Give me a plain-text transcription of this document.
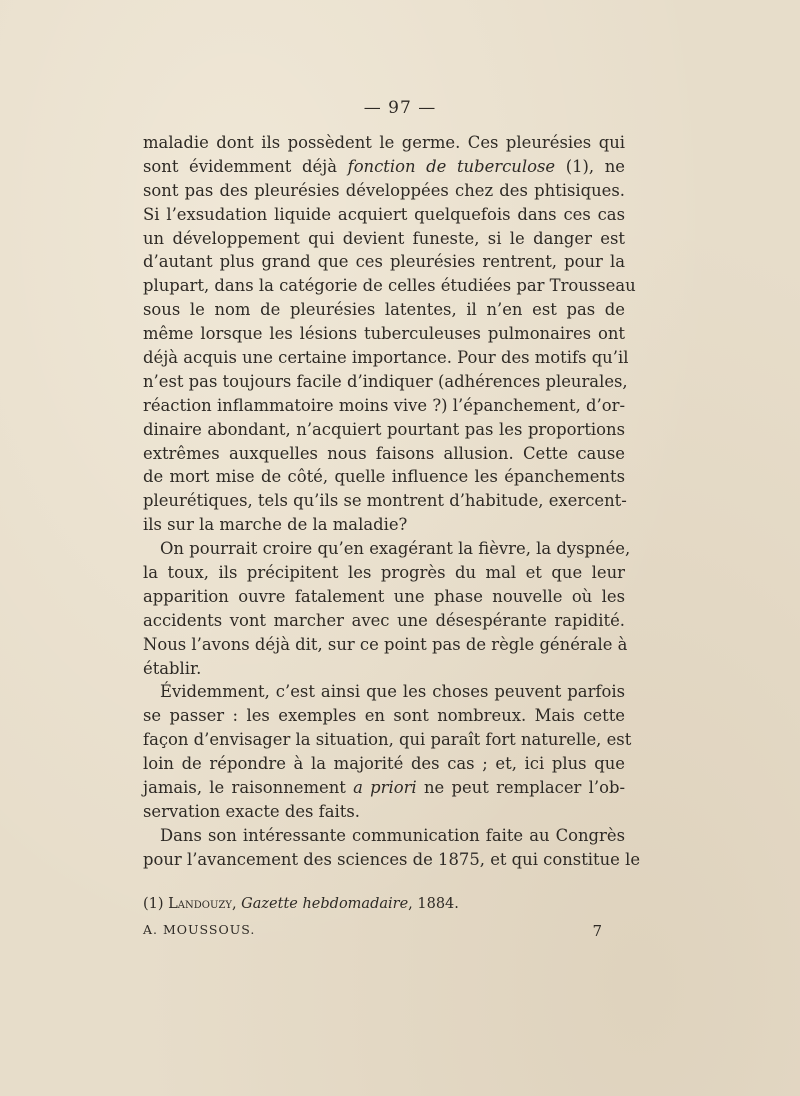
— 97 —
maladie dont ils possèdent le germe. Ces pleurésies qui
sont évidemment déjà fonction de tuberculose (1), ne
sont pas des pleurésies développées chez des phtisiques.
Si l’exsudation liquide acquiert quelquefois dans ces cas
un développement qui devient funeste, si le danger est
d’autant plus grand que ces pleurésies rentrent, pour la
plupart, dans la catégorie de celles étudiées par Trousseau
sous le nom de pleurésies latentes, il n’en est pas de
même lorsque les lésions tuberculeuses pulmonaires ont
déjà acquis une certaine importance. Pour des motifs qu’il
n’est pas toujours facile d’indiquer (adhérences pleurales,
réaction inflammatoire moins vive ?) l’épanchement, d’or-
dinaire abondant, n’acquiert pourtant pas les proportions
extrêmes auxquelles nous faisons allusion. Cette cause
de mort mise de côté, quelle influence les épanchements
pleurétiques, tels qu’ils se montrent d’habitude, exercent-
ils sur la marche de la maladie?
On pourrait croire qu’en exagérant la fièvre, la dyspnée,
la toux, ils précipitent les progrès du mal et que leur
apparition ouvre fatalement une phase nouvelle où les
accidents vont marcher avec une désespérante rapidité.
Nous l’avons déjà dit, sur ce point pas de règle générale à
établir.
Évidemment, c’est ainsi que les choses peuvent parfois
se passer : les exemples en sont nombreux. Mais cette
façon d’envisager la situation, qui paraît fort naturelle, est
loin de répondre à la majorité des cas ; et, ici plus que
jamais, le raisonnement a priori ne peut remplacer l’ob-
servation exacte des faits.
Dans son intéressante communication faite au Congrès
pour l’avancement des sciences de 1875, et qui constitue le
(1) Landouzy, Gazette hebdomadaire, 1884.
A. MOUSSOUS.	7
